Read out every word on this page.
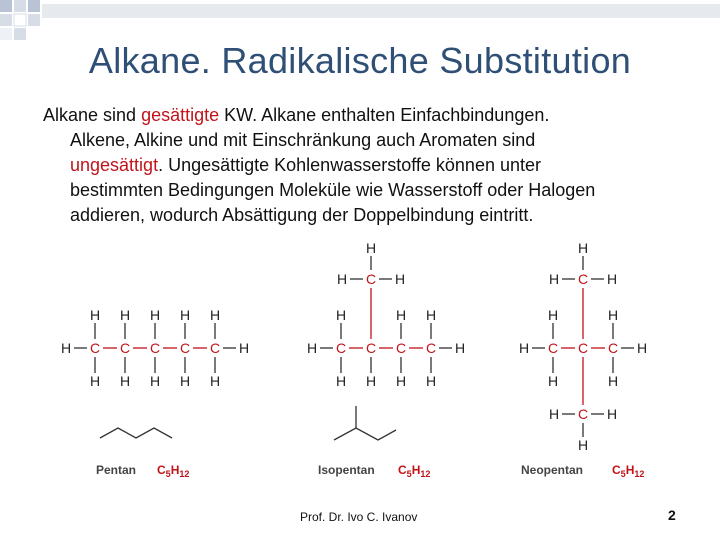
Alkane. Radikalische Substitution
Alkane sind gesättigte KW. Alkane enthalten Einfachbindungen.
Alkene, Alkine und mit Einschränkung auch Aromaten sind
ungesättigt. Ungesättigte Kohlenwasserstoffe können unter
bestimmten Bedingungen Moleküle wie Wasserstoff oder Halogen
addieren, wodurch Absättigung der Doppelbindung eintritt.
C C C C C
H	H
H
H
H
H
H
H
H
H
H
H
C C C C
H	H
H
H H
H
H
H
H
C
H
H	H
C C C
H	H
H
H
H
H
C
H
H	H
C
H
H	H
Pentan $C_5H_{12}$	Isopentan $C_5H_{12}$	Neopentan $C_5H_{12}$
Prof. Dr. Ivo C. Ivanov	2
